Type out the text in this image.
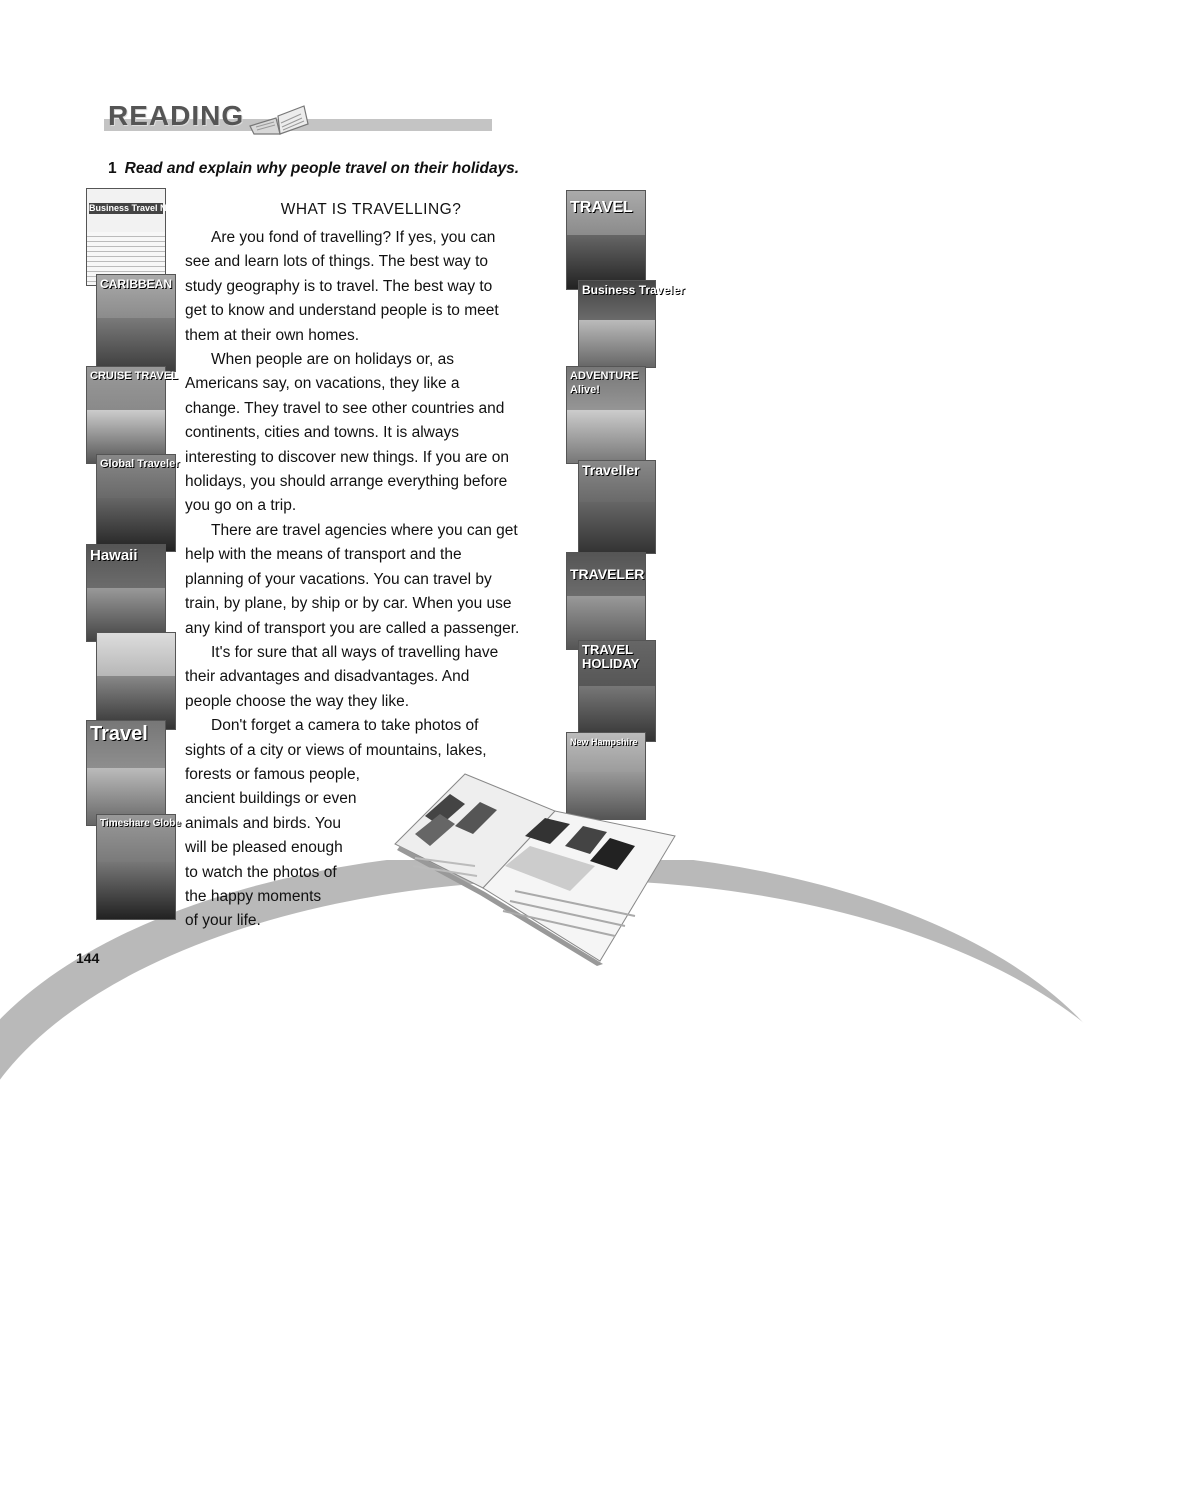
READING
1 Read and explain why people travel on their holidays.
WHAT IS TRAVELLING?

Are you fond of travelling? If yes, you can

see and learn lots of things. The best way to
study geography is to travel. The best way to
get to know and understand people is to meet
them at their own homes.

When people are on holidays or, as

Americans say, on vacations, they like a
change. They travel to see other countries and
continents, cities and towns. It is always
interesting to discover new things. If you are on
holidays, you should arrange everything before
you go on a trip.

There are travel agencies where you can get

help with the means of transport and the
planning of your vacations. You can travel by
train, by plane, by ship or by car. When you use
any kind of transport you are called a passenger.

It's for sure that all ways of travelling have

their advantages and disadvantages. And
people choose the way they like.

Don't forget a camera to take photos of

sights of a city or views of mountains, lakes,
forests or famous people,
ancient buildings or even
animals and birds. You
will be pleased enough
to watch the photos of
the happy moments
of your life.
Business Travel News
CARIBBEAN
CRUISE TRAVEL
Global Traveler
Hawaii
Travel
Timeshare Globe
TRAVEL
Business Traveler
ADVENTURE Alive!
Traveller
TRAVELER
TRAVEL HOLIDAY
New Hampshire
144
